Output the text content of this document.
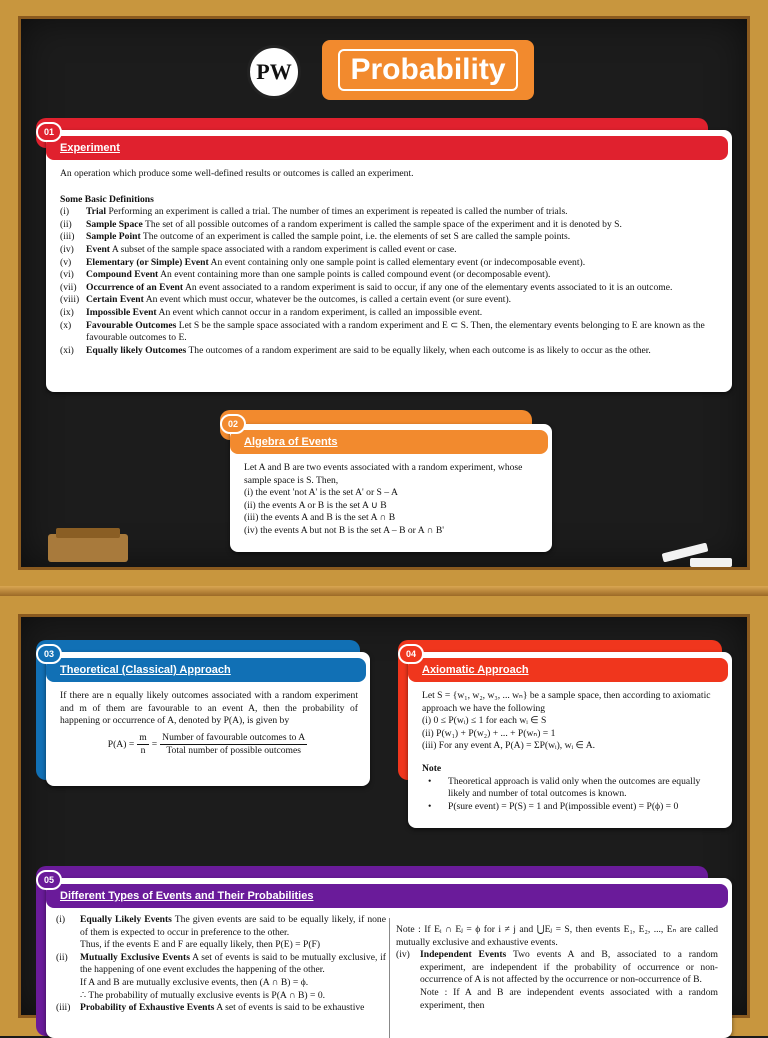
PW	Probability
Experiment
An operation which produce some well-defined results or outcomes is called an experiment.
Some Basic Definitions
(i)	Trial Performing an experiment is called a trial. The number of times an experiment is repeated is called the number of trials.
(ii)	Sample Space The set of all possible outcomes of a random experiment is called the sample space of the experiment and it is denoted by S.
(iii)	Sample Point The outcome of an experiment is called the sample point, i.e. the elements of set S are called the sample points.
(iv)	Event A subset of the sample space associated with a random experiment is called event or case.
(v)	Elementary (or Simple) Event An event containing only one sample point is called elementary event (or indecomposable event).
(vi)	Compound Event An event containing more than one sample points is called compound event (or decomposable event).
(vii) Occurrence of an Event An event associated to a random experiment is said to occur, if any one of the elementary events associated to it is an outcome.
(viii) Certain Event An event which must occur, whatever be the outcomes, is called a certain event (or sure event).
(ix)	Impossible Event An event which cannot occur in a random experiment, is called an impossible event.
(x)	Favourable Outcomes Let S be the sample space associated with a random experiment and E ⊂ S. Then, the elementary events belonging to E are known as the favourable outcomes to E.
(xi)	Equally likely Outcomes The outcomes of a random experiment are said to be equally likely, when each outcome is as likely to occur as the other.
01
Algebra of Events
Let A and B are two events associated with a random experiment, whose sample space is S. Then,
(i) the event 'not A' is the set A' or S – A
(ii) the events A or B is the set A ∪ B
(iii) the events A and B is the set A ∩ B
(iv) the events A but not B is the set A – B or A ∩ B'
02
Theoretical (Classical) Approach
If there are n equally likely outcomes associated with a random experiment and m of them are favourable to an event A, then the probability of happening or occurrence of A, denoted by P(A), is given by
$P(A) = \frac{m}{n} = \frac{\text{Number of favourable outcomes to A}}{\text{Total number of possible outcomes}}$
03
Axiomatic Approach
Let S = {w₁, w₂, w₃, ... wₙ} be a sample space, then according to axiomatic approach we have the following
(i) 0 ≤ P(wᵢ) ≤ 1 for each wᵢ ∈ S
(ii) P(w₁) + P(w₂) + ... + P(wₙ) = 1
(iii) For any event A, P(A) = ΣP(wᵢ), wᵢ ∈ A.
Note
•	Theoretical approach is valid only when the outcomes are equally likely and number of total outcomes is known.
•	P(sure event) = P(S) = 1 and P(impossible event) = P(ϕ) = 0
04
Different Types of Events and Their Probabilities
(i)	Equally Likely Events The given events are said to be equally likely, if none of them is expected to occur in preference to the other.
Thus, if the events E and F are equally likely, then P(E) = P(F)
(ii)	Mutually Exclusive Events A set of events is said to be mutually exclusive, if the happening of one event excludes the happening of the other.
If A and B are mutually exclusive events, then (A ∩ B) = ϕ.
∴ The probability of mutually exclusive events is P(A ∩ B) = 0.
(iii)	Probability of Exhaustive Events A set of events is said to be exhaustive
Note : If Eᵢ ∩ Eⱼ = ϕ for i ≠ j and ⋃Eⱼ = S, then events E₁, E₂, ..., Eₙ are called mutually exclusive and exhaustive events.
(iv)	Independent Events Two events A and B, associated to a random experiment, are independent if the probability of occurrence or non-occurrence of A is not affected by the occurrence or non-occurrence of B.
Note : If A and B are independent events associated with a random experiment, then
05
